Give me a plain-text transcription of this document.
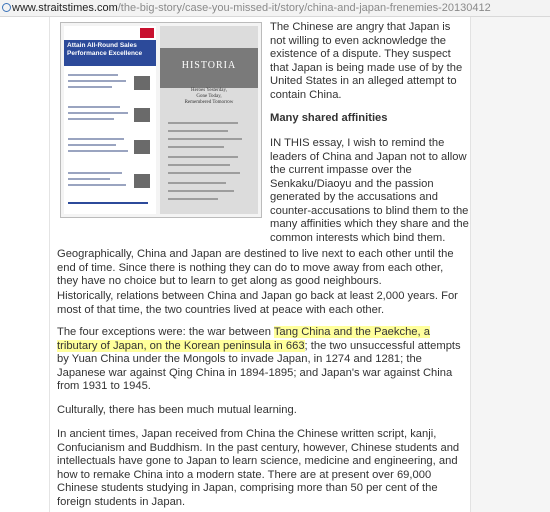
www.straitstimes.com/the-big-story/case-you-missed-it/story/china-and-japan-frenemies-20130412
Attain All-Round Sales Performance Excellence
HISTORIA
Heroes Yesterday,
Gone Today,
Remembered Tomorrow

The Chinese are angry that Japan is not willing to even acknowledge the existence of a dispute. They suspect that Japan is being made use of by the United States in an alleged attempt to contain China.

Many shared affinities

IN THIS essay, I wish to remind the leaders of China and Japan not to allow the current impasse over the Senkaku/Diaoyu and the passion generated by the accusations and counter-accusations to blind them to the many affinities which they share and the common interests which bind them.

Geographically, China and Japan are destined to live next to each other until the end of time. Since there is nothing they can do to move away from each other, they have no choice but to learn to get along as good neighbours.

Historically, relations between China and Japan go back at least 2,000 years. For most of that time, the two countries lived at peace with each other.

The four exceptions were: the war between Tang China and the Paekche, a tributary of Japan, on the Korean peninsula in 663; the two unsuccessful attempts by Yuan China under the Mongols to invade Japan, in 1274 and 1281; the Japanese war against Qing China in 1894-1895; and Japan's war against China from 1931 to 1945.

Culturally, there has been much mutual learning.

In ancient times, Japan received from China the Chinese written script, kanji, Confucianism and Buddhism. In the past century, however, Chinese students and intellectuals have gone to Japan to learn science, medicine and engineering, and how to remake China into a modern state. There are at present over 69,000 Chinese students studying in Japan, comprising more than 50 per cent of the foreign students in Japan.
